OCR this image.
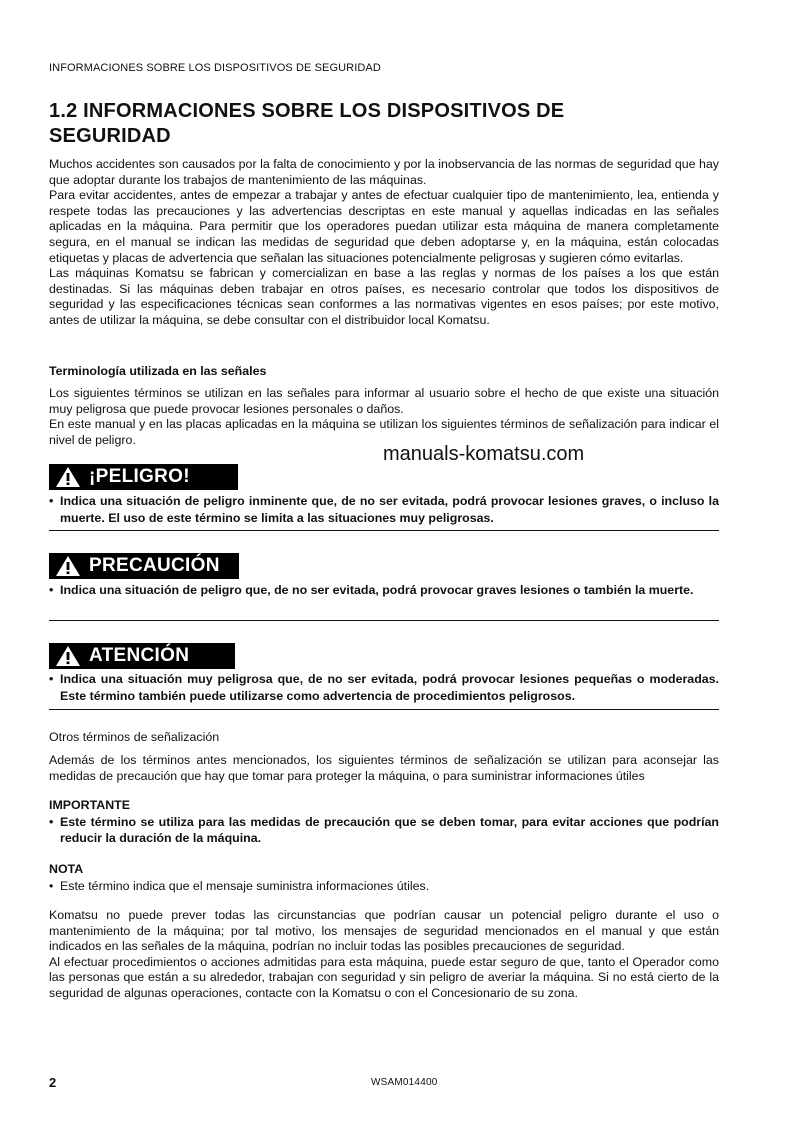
INFORMACIONES SOBRE LOS DISPOSITIVOS DE SEGURIDAD
1.2 INFORMACIONES SOBRE LOS DISPOSITIVOS DE
SEGURIDAD

Muchos accidentes son causados por la falta de conocimiento y por la inobservancia de las normas de seguridad que hay que adoptar durante los trabajos de mantenimiento de las máquinas.

Para evitar accidentes, antes de empezar a trabajar y antes de efectuar cualquier tipo de mantenimiento, lea, entienda y respete todas las precauciones y las advertencias descriptas en este manual y aquellas indicadas en las señales aplicadas en la máquina. Para permitir que los operadores puedan utilizar esta máquina de manera completamente segura, en el manual se indican las medidas de seguridad que deben adoptarse y, en la máquina, están colocadas etiquetas y placas de advertencia que señalan las situaciones potencialmente peligrosas y sugieren cómo evitarlas.

Las máquinas Komatsu se fabrican y comercializan en base a las reglas y normas de los países a los que están destinadas. Si las máquinas deben trabajar en otros países, es necesario controlar que todos los dispositivos de seguridad y las especificaciones técnicas sean conformes a las normativas vigentes en esos países; por este motivo, antes de utilizar la máquina, se debe consultar con el distribuidor local Komatsu.

Terminología utilizada en las señales

Los siguientes términos se utilizan en las señales para informar al usuario sobre el hecho de que existe una situación muy peligrosa que puede provocar lesiones personales o daños.

En este manual y en las placas aplicadas en la máquina se utilizan los siguientes términos de señalización para indicar el nivel de peligro.

manuals-komatsu.com
¡PELIGRO!
• Indica una situación de peligro inminente que, de no ser evitada, podrá provocar lesiones graves, o incluso la muerte. El uso de este término se limita a las situaciones muy peligrosas.
PRECAUCIÓN
• Indica una situación de peligro que, de no ser evitada, podrá provocar graves lesiones o también la muerte.
ATENCIÓN
• Indica una situación muy peligrosa que, de no ser evitada, podrá provocar lesiones pequeñas o moderadas. Este término también puede utilizarse como advertencia de procedimientos peligrosos.

Otros términos de señalización

Además de los términos antes mencionados, los siguientes términos de señalización se utilizan para aconsejar las medidas de precaución que hay que tomar para proteger la máquina, o para suministrar informaciones útiles

IMPORTANTE

• Este término se utiliza para las medidas de precaución que se deben tomar, para evitar acciones que podrían reducir la duración de la máquina.

NOTA

• Este término indica que el mensaje suministra informaciones útiles.

Komatsu no puede prever todas las circunstancias que podrían causar un potencial peligro durante el uso o mantenimiento de la máquina; por tal motivo, los mensajes de seguridad mencionados en el manual y que están indicados en las señales de la máquina, podrían no incluir todas las posibles precauciones de seguridad.

Al efectuar procedimientos o acciones admitidas para esta máquina, puede estar seguro de que, tanto el Operador como las personas que están a su alrededor, trabajan con seguridad y sin peligro de averiar la máquina. Si no está cierto de la seguridad de algunas operaciones, contacte con la Komatsu o con el Concesionario de su zona.

2	WSAM014400
